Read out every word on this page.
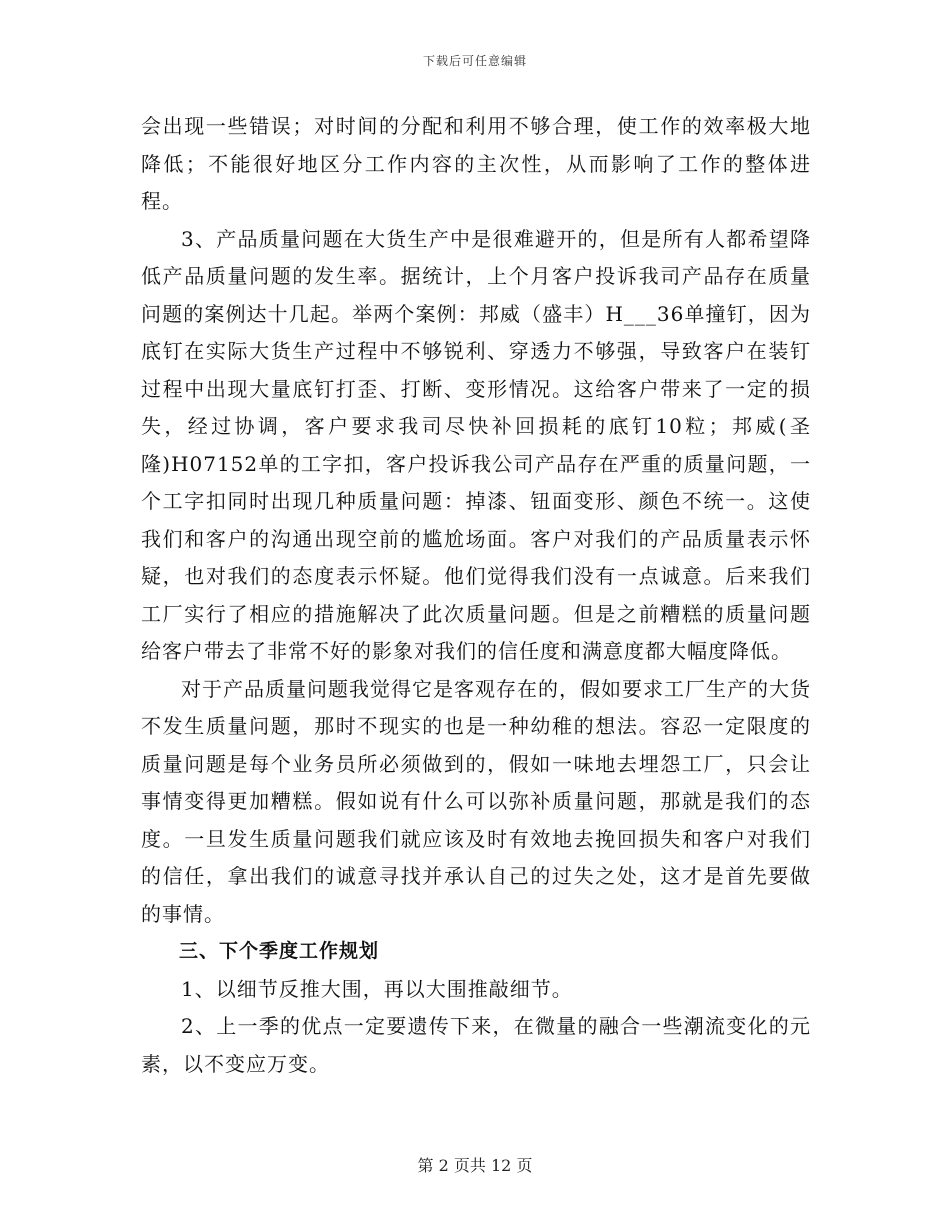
下载后可任意编辑

会出现一些错误；对时间的分配和利用不够合理，使工作的效率极大地降低；不能很好地区分工作内容的主次性，从而影响了工作的整体进程。

3、产品质量问题在大货生产中是很难避开的，但是所有人都希望降低产品质量问题的发生率。据统计，上个月客户投诉我司产品存在质量问题的案例达十几起。举两个案例：邦威（盛丰）H___36单撞钉，因为底钉在实际大货生产过程中不够锐利、穿透力不够强，导致客户在装钉过程中出现大量底钉打歪、打断、变形情况。这给客户带来了一定的损失，经过协调，客户要求我司尽快补回损耗的底钉10粒；邦威(圣隆)H07152单的工字扣，客户投诉我公司产品存在严重的质量问题，一个工字扣同时出现几种质量问题：掉漆、钮面变形、颜色不统一。这使我们和客户的沟通出现空前的尴尬场面。客户对我们的产品质量表示怀疑，也对我们的态度表示怀疑。他们觉得我们没有一点诚意。后来我们工厂实行了相应的措施解决了此次质量问题。但是之前糟糕的质量问题给客户带去了非常不好的影象对我们的信任度和满意度都大幅度降低。

对于产品质量问题我觉得它是客观存在的，假如要求工厂生产的大货不发生质量问题，那时不现实的也是一种幼稚的想法。容忍一定限度的质量问题是每个业务员所必须做到的，假如一味地去埋怨工厂，只会让事情变得更加糟糕。假如说有什么可以弥补质量问题，那就是我们的态度。一旦发生质量问题我们就应该及时有效地去挽回损失和客户对我们的信任，拿出我们的诚意寻找并承认自己的过失之处，这才是首先要做的事情。

三、下个季度工作规划

1、以细节反推大围，再以大围推敲细节。

2、上一季的优点一定要遗传下来，在微量的融合一些潮流变化的元素，以不变应万变。

第 2 页共 12 页
